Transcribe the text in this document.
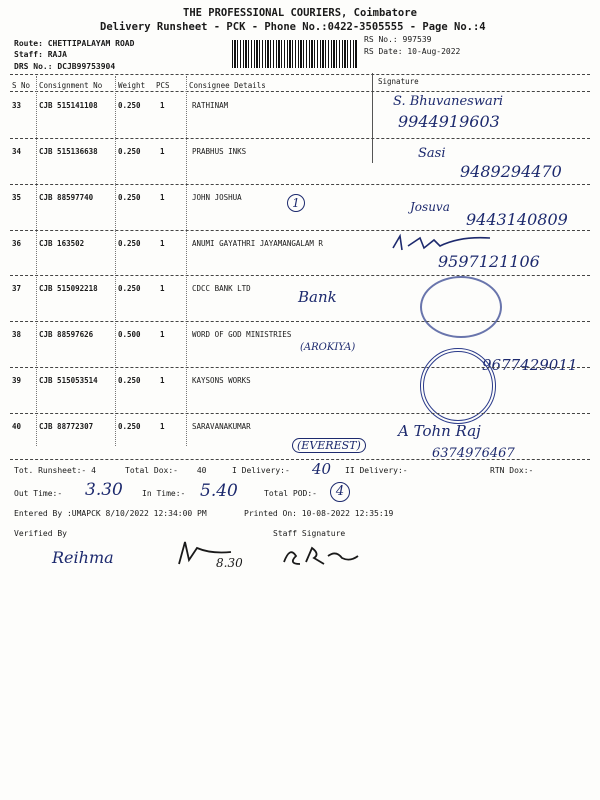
THE PROFESSIONAL COURIERS, Coimbatore
Delivery Runsheet - PCK - Phone No.:0422-3505555 - Page No.:4
Route: CHETTIPALAYAM ROAD
Staff: RAJA
DRS No.: DCJB99753904
RS No.: 997539
RS Date: 10-Aug-2022
S No Consignment No Weight PCS	Consignee Details	Signature
33 CJB 515141108	0.250	1	RATHINAM	S. Bhuvaneswari
9944919603
34 CJB 515136638	0.250	1	PRABHUS INKS	Sasi
9489294470
35 CJB 88597740	0.250	1	JOHN JOSHUA	1	Josuva
9443140809
36 CJB 163502	0.250	1	ANUMI GAYATHRI JAYAMANGALAM R
9597121106
37 CJB 515092218	0.250	1	CDCC BANK LTD	Bank
38 CJB 88597626	0.500	1	WORD OF GOD MINISTRIES
(AROKIYA)
9677429011
39 CJB 515053514	0.250	1	KAYSONS WORKS
40 CJB 88772307	0.250	1	SARAVANAKUMAR
(EVEREST)
A Tohn Raj
6374976467
Tot. Runsheet:- 4	Total Dox:- 40	I Delivery:- 40 II Delivery:-	RTN Dox:-
Out Time:- 3.30 In Time:- 5.40	Total POD:-	4
Entered By :UMAPCK 8/10/2022 12:34:00 PM	Printed On: 10-08-2022 12:35:19
Verified By	Staff Signature
Reihma	8.30
